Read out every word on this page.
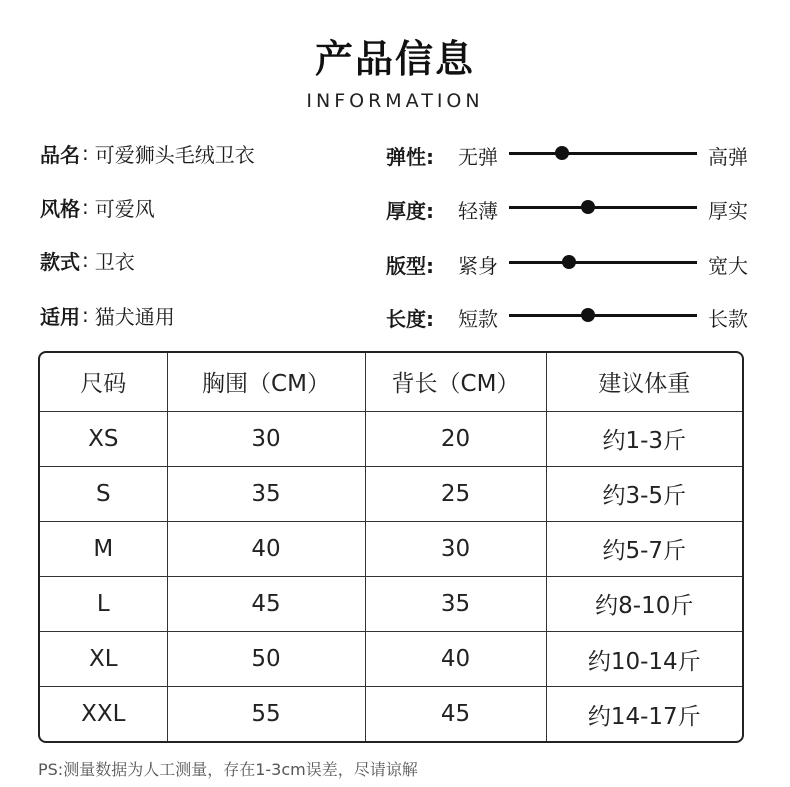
产品信息
INFORMATION
品名 : 可爱狮头毛绒卫衣
风格 : 可爱风
款式 : 卫衣
适用 : 猫犬通用
弹性: 无弹	高弹
厚度: 轻薄	厚实
版型: 紧身	宽大
长度: 短款	长款
尺码	胸围（CM）	背长（CM）	建议体重
XS	30	20	约1-3斤
S	35	25	约3-5斤
M	40	30	约5-7斤
L	45	35	约8-10斤
XL	50	40	约10-14斤
XXL	55	45	约14-17斤
PS:测量数据为人工测量，存在1-3cm误差，尽请谅解
